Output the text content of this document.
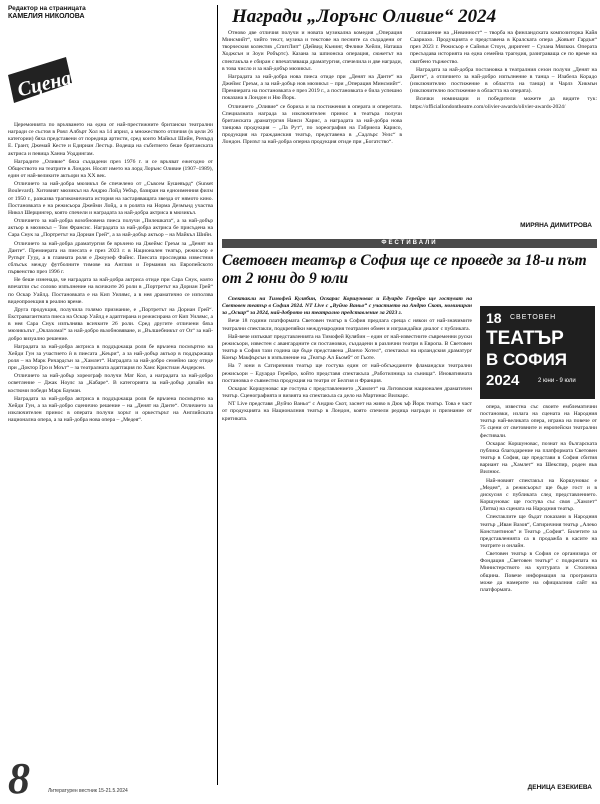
Редактор на страницата
КАМЕЛИЯ НИКОЛОВА
Сцена

Церемонията по връчването на една от най-престижните британски театрални награди се състоя в Роял Албърт Хол на 14 април, а множеството отличия (в цели 26 категории) бяха представени от поредица артисти, сред които Майкъл Шийн, Ричърд Е. Грант, Джемай Кесте и Едириан Лестър. Водеща на събитието беше британската актриса и певица Ханна Уоддингам.

Наградите „Оливие“ бяха създадени през 1976 г. и се връчват ежегодно от Обществото на театрите в Лондон. Носят името на лорд Лорънс Оливие (1907–1989), един от най-великите актьори на ХХ век.

Отличието за най-добра мюзикъл бе спечелено от „Съвсем Бушевърд“ (Sunset Boulevard). Хитовият мюзикъл на Андрю Лойд Уебър, базиран на едноименния филм от 1950 г., разказва трагикомичната история на застаряващата звезда от нямото кино. Постановката е на режисьора Джейми Лойд, а в ролята на Норма Дезмънд участва Никол Шерцингер, която спечели и наградата за най-добра актриса в мюзикъл.

Отличието за най-добра возобновена пиеса получи „Пилешката“, а за най-добър актьор в мюзикъл – Том Франсис. Наградата за най-добра актриса бе присъдена на Сара Снук за „Портретът на Дориан Грей“, а за най-добър актьор – на Майкъл Шийн.

Отличието за най-добра драматургия бе връчено на Джеймс Греъм за „Денят на Данте“. Премиерата на пиесата е през 2023 г. в Национален театър, режисьор е Рупърт Гууд, а в главната роля е Джоузеф Файнс. Пиесата проследява известния сблъсък между футболните тимове на Англия и Германия на Европейското първенство през 1996 г.

Не беше изненада, че наградата за най-добра актриса отиде при Сара Снук, която впечатли със солово изпълнение на всичките 26 роли в „Портретът на Дориан Грей“ по Оскар Уайлд. Постановката е на Кип Уилямс, а в нея драматично се използва видеопроекция в реално време.

Друга продукция, получила голямо признание, е „Портретът на Дориан Грей“. Екстравагантната пиеса на Оскар Уайлд е адаптирана и режисирана от Кип Уилямс, а в нея Сара Снук изпълнява всичките 26 роли. Сред другите отличени бяха мюзикълът „Оклахома!“ за най-добро възобновяване, и „Вълшебникът от Оз“ за най-добро визуално решение.

Наградата за най-добра актриса в поддържаща роля бе връчена посмъртно на Хейди Гун за участието ѝ в пиесата „Кеъри“, а за най-добър актьор в поддържаща роля – на Марк Ричардсън за „Хамлет“. Наградата за най-добро семейно шоу отиде при „Доктор Гро и Моът“ – за театралната адаптация по Ханс Кристиан Андерсен.

Отличието за най-добър хореограф получи Мат Кол, а наградата за най-добро осветление – Джак Ноулс за „Кабаре“. В категорията за най-добър дизайн на костюми победи Марк Бауман.

Наградата за най-добра актриса в поддържаща роля бе връчена посмъртно на Хейди Гун, а за най-добро сценично решение – на „Денят на Данте“. Отличието за изключителен принос в операта получи хорът и оркестърът на Английската национална опера, а за най-добра нова опера – „Медея“.

Награди „Лорънс Оливие“ 2024

Отново две отличия получи и новата музикална комедия „Операция Минсмийт“, чийто текст, музика и текстове на песните са създадени от творческия колектив „СпитЛип“ (Дейвид Кънинг, Фелике Хейли, Наташа Ходжсън и Зоуи Робъртс). Казана за шпионска операция, сюжетът на спектакъла е сбиран с впечатляваща драматургия, спечелила и две награди, в това число и за най-добър мюзикъл.

Наградата за най-добра нова пиеса отиде при „Денят на Данте“ на Джеймс Греъм, а за най-добър нов мюзикъл – при „Операция Минсмийт“. Премиерата на постановката е през 2019 г., а постановката е била успешно показана в Лондон и Ню Йорк.

Отличието „Оливие“ се бориха и за постижения в операта и оперетата. Специалната награда за изключителен принос в театъра получи британската драматургия Нанси Харис, а наградата за най-добра нова танцова продукция – „Ла Рут“, по хореография на Габриела Карисо, продукция на гражданския театър, представена в „Садлърс Уелс“ в Лондон. Призът за най-добра оперна продукция отиде при „Богатство“.

оглашение на „Невинност“ – творба на финландската композиторка Кайя Саариахо. Продукцията е представена в Кралската опера „Ковънт Гардън“ през 2023 г. Режисьор е Саймън Стоун, диригент – Сузана Мялкки. Операта пресъздава историята на една семейна трагедия, разиграваща се по време на сватбено тържество.

Наградата за най-добра постановка в театралния сезон получи „Денят на Данте“, а отличието за най-добро изпълнение в танца – Изабела Корадо (изключително постижение в областта на танца) и Чарлз Хикмън (изключително постижение в областта на операта).

Всички номинации и победители можете да видите тук: https://officiallondontheatre.com/olivier-awards/olivier-awards-2024/

МИРЯНА ДИМИТРОВА
ФЕСТИВАЛИ
Световен театър в София ще се проведе за 18-и път от 2 юни до 9 юли

Спектакли на Тимофей Кулябин, Оскарас Коршуновас и Едуардо Герейро ще гостуват на Световен театър в София 2024. NT Live с „Вуйчо Ваньо“ с участието на Андрю Скот, номиниран за „Оскар“ за 2024, най-доброто ни театрално представление за 2023 г.

Вече 18 години платформата Световен театър в София предлага среща с някои от най-значимите театрални спектакли, подкрепяйки международния театрален обмен и изграждайки диалог с публиката.

Най-вече изпъкват представленията на Тимофей Кулябин – един от най-известните съвременни руски режисьори, известен с авангардните си постановки, създадени в различни театри в Европа. В Световен театър в София тази година ще бъде представена „Ванчо Хотел“, спектакъл на ирландския драматург Конър Макфърсън в изпълнение на „Театър Ал Бьомб“ от Гьоте.

На 7 юни в Сатиричния театър ще гостува един от най-обсъжданите фламандски театрални режисьори – Едуардо Герейро, който представя спектакъла „Работилница за сънища“. Иновативната постановка е съвместна продукция на театри от Белгия и Франция.

Оскарас Коршуновас ще гостува с представлението „Хамлет“ на Литовския национален драматичен театър. Сценографията и визията на спектакъла са дело на Мартинас Вилкарс.

NT Live представя „Вуйчо Ваньо“ с Андрю Скот, заснет на живо в Дюк ъф Йорк театър. Това е част от продукцията на Националния театър в Лондон, която спечели редица награди и признание от критиката.

18 СВЕТОВЕН
ТЕАТЪР
В СОФИЯ
2024	2 юни - 9 юли

опера, известна със своите емблематични постановки, излага на сцената на Народния театър най-великата опера, играна на повече от 75 сцени от световните и европейски театрални фестивали.

Оскарас Коршуновас, познат на българската публика благодарение на платформата Световен театър в София, ще представи в София сбития вариант на „Хамлет“ на Шекспир, роден във Вилнюс.

Най-новият спектакъл на Коршуновас е „Медея“, а режисьорът ще бъде гост и в дискусия с публиката след представлението. Коршуновас ще гостува със своя „Хамлет“ (Литва) на сцената на Народния театър.

Спектаклите ще бъдат показани в Народния театър „Иван Вазов“, Сатиричния театър „Алеко Константинов“ и Театър „София“. Билетите за представленията са в продажба в касите на театрите и онлайн.

Световен театър в София се организира от Фондация „Световен театър“ с подкрепата на Министерството на културата и Столична община. Повече информация за програмата може да намерите на официалния сайт на платформата.

ДЕНИЦА ЕЗЕКИЕВА
8	Литературен вестник 15-21.5.2024
